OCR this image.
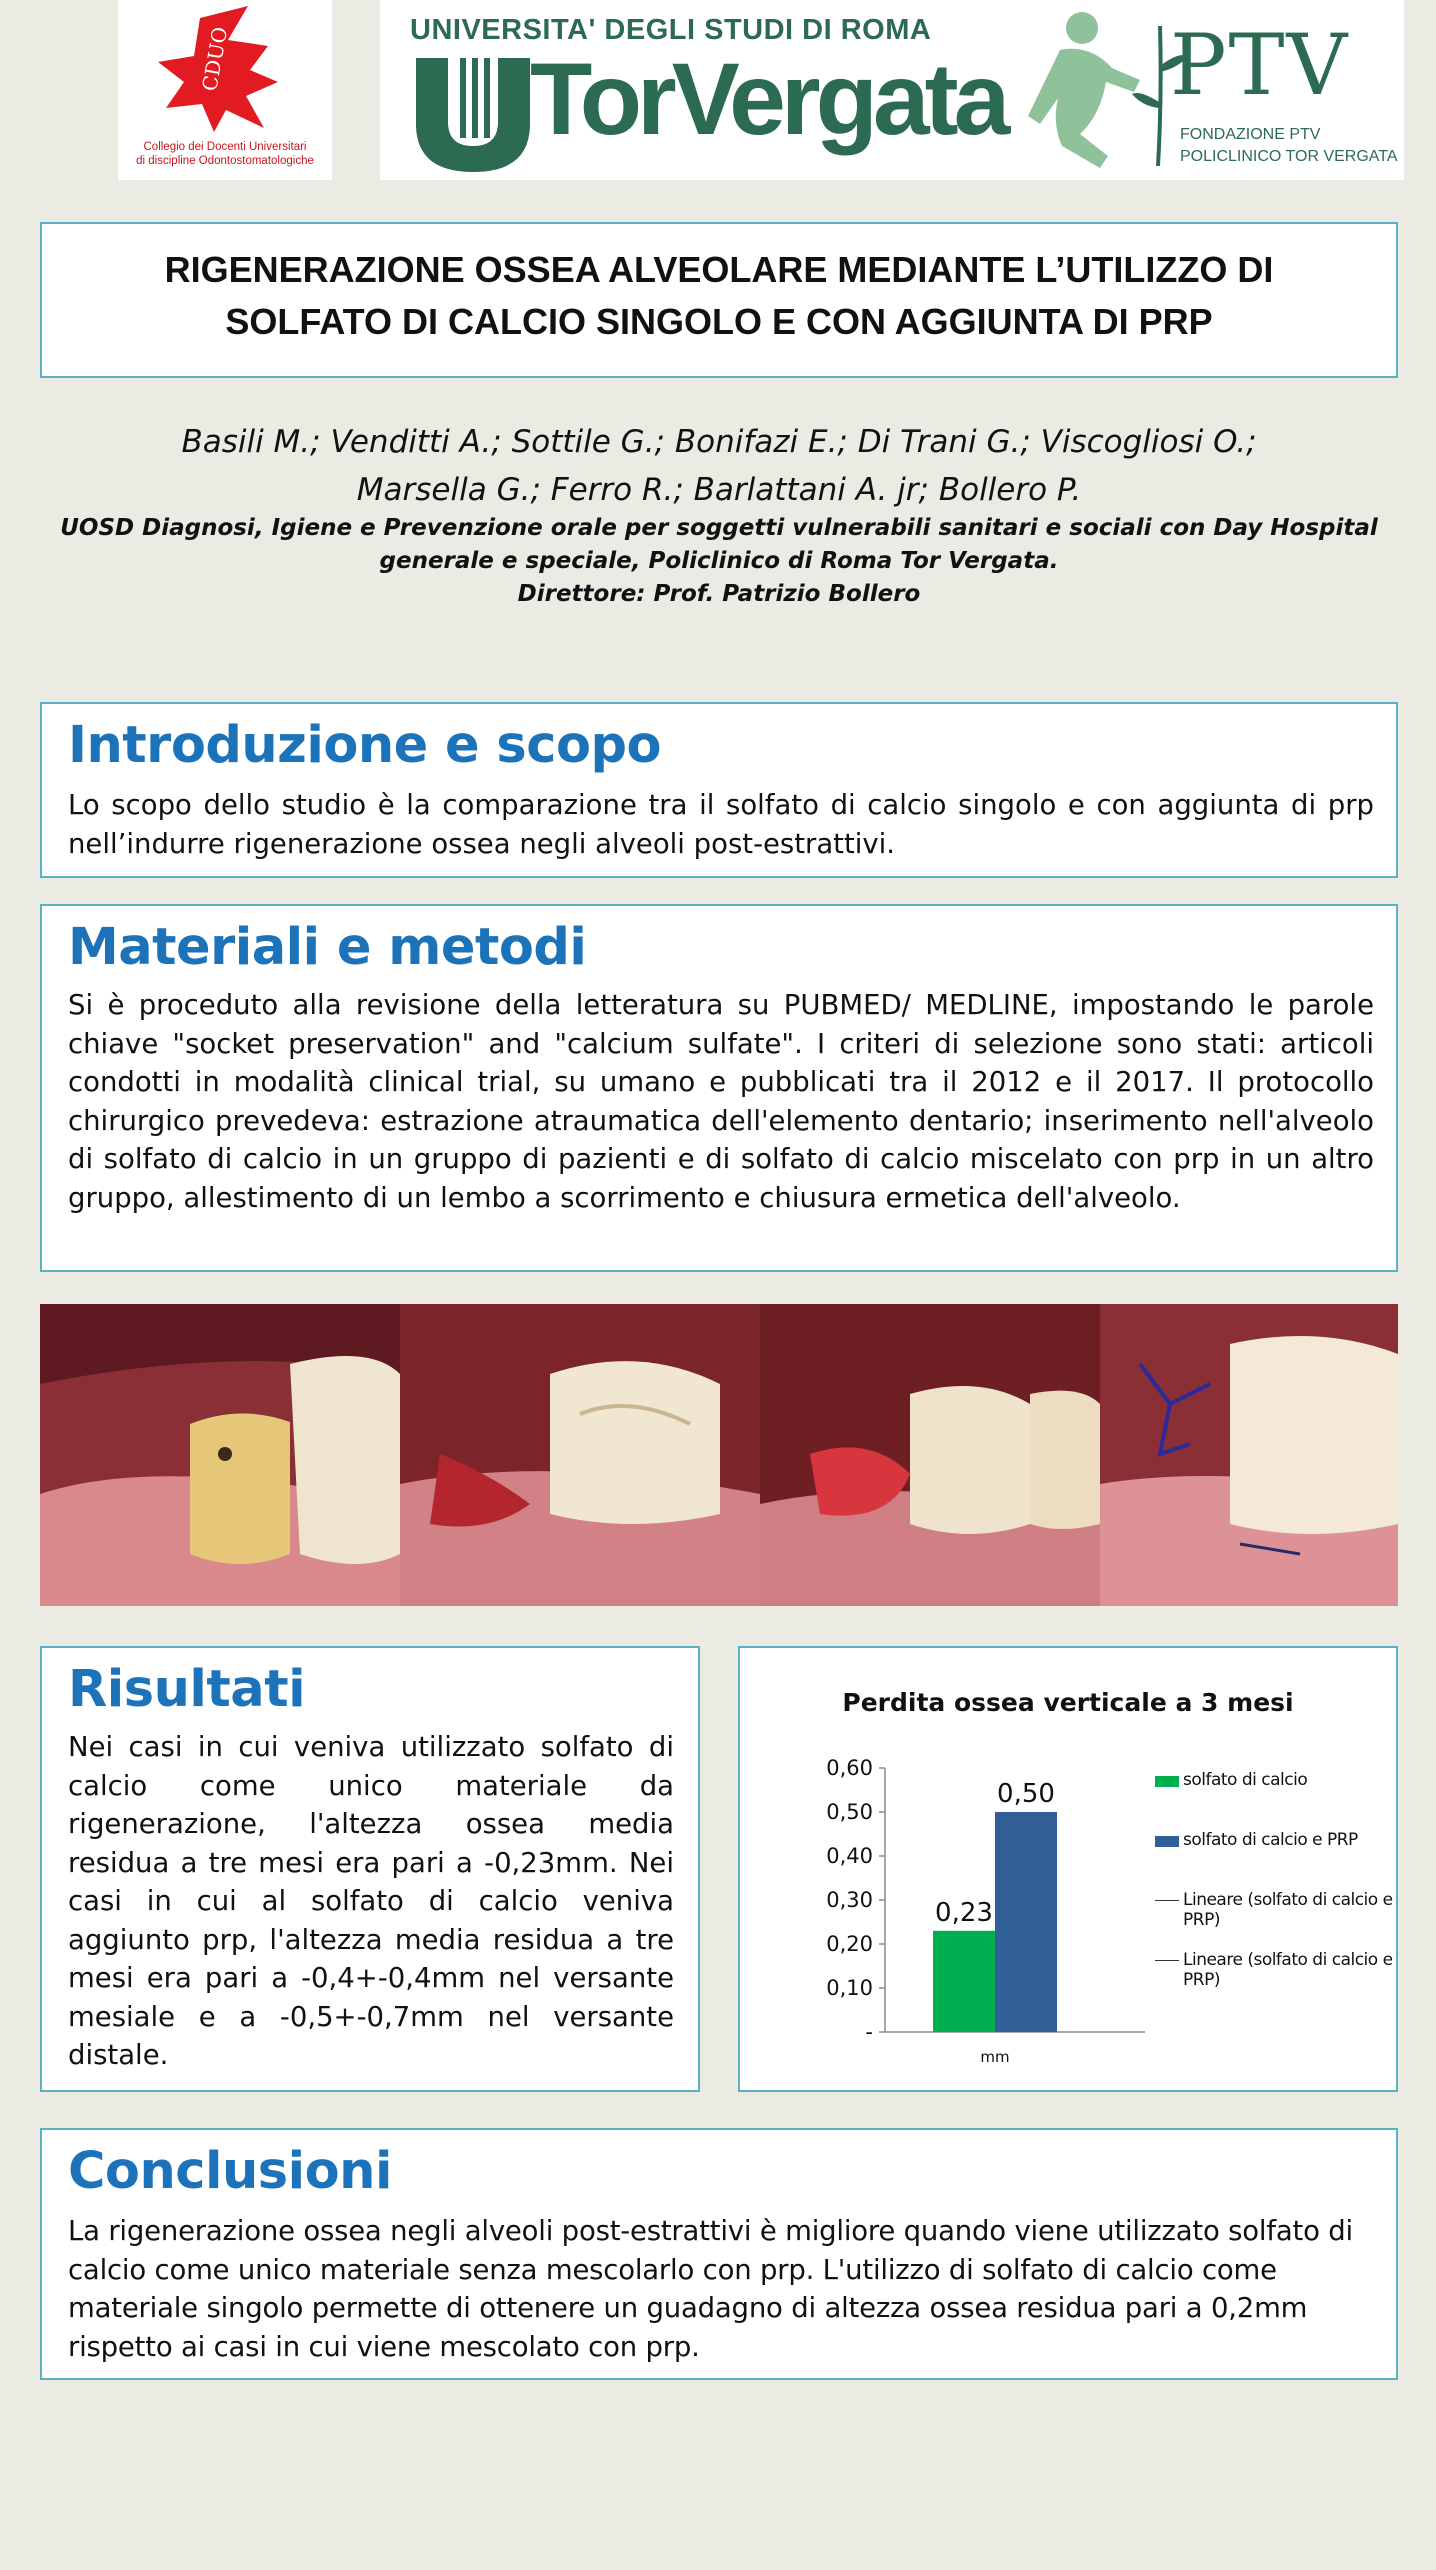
CDUO
Collegio dei Docenti Universitari
di discipline Odontostomatologiche
UNIVERSITA' DEGLI STUDI DI ROMA
TorVergata PTV
FONDAZIONE PTV
POLICLINICO TOR VERGATA
RIGENERAZIONE OSSEA ALVEOLARE MEDIANTE L’UTILIZZO DI
SOLFATO DI CALCIO SINGOLO E CON AGGIUNTA DI PRP
Basili M.; Venditti A.; Sottile G.; Bonifazi E.; Di Trani G.; Viscogliosi O.;
Marsella G.; Ferro R.; Barlattani A. jr; Bollero P.
UOSD Diagnosi, Igiene e Prevenzione orale per soggetti vulnerabili sanitari e sociali con Day Hospital
generale e speciale, Policlinico di Roma Tor Vergata.
Direttore: Prof. Patrizio Bollero
Introduzione e scopo
Lo scopo dello studio è la comparazione tra il solfato di calcio singolo e con aggiunta di prp nell’indurre rigenerazione ossea negli alveoli post-estrattivi.
Materiali e metodi
Si è proceduto alla revisione della letteratura su PUBMED/ MEDLINE, impostando le parole chiave "socket preservation" and "calcium sulfate". I criteri di selezione sono stati: articoli condotti in modalità clinical trial, su umano e pubblicati tra il 2012 e il 2017. Il protocollo chirurgico prevedeva: estrazione atraumatica dell'elemento dentario; inserimento nell'alveolo di solfato di calcio in un gruppo di pazienti e di solfato di calcio miscelato con prp in un altro gruppo, allestimento di un lembo a scorrimento e chiusura ermetica dell'alveolo.
Risultati
Nei casi in cui veniva utilizzato solfato di calcio come unico materiale da rigenerazione, l'altezza ossea media residua a tre mesi era pari a -0,23mm. Nei casi in cui al solfato di calcio veniva aggiunto prp, l'altezza media residua a tre mesi era pari a -0,4+-0,4mm nel versante mesiale e a -0,5+-0,7mm nel versante distale.
Perdita ossea verticale a 3 mesi
-
0,10
0,20
0,30
0,40
0,50
0,60
0,23
0,50
mm
solfato di calcio
solfato di calcio e PRP
Lineare (solfato di calcio e PRP)
Lineare (solfato di calcio e PRP)
Conclusioni
La rigenerazione ossea negli alveoli post-estrattivi è migliore quando viene utilizzato solfato di calcio come unico materiale senza mescolarlo con prp. L'utilizzo di solfato di calcio come materiale singolo permette di ottenere un guadagno di altezza ossea residua pari a 0,2mm rispetto ai casi in cui viene mescolato con prp.
